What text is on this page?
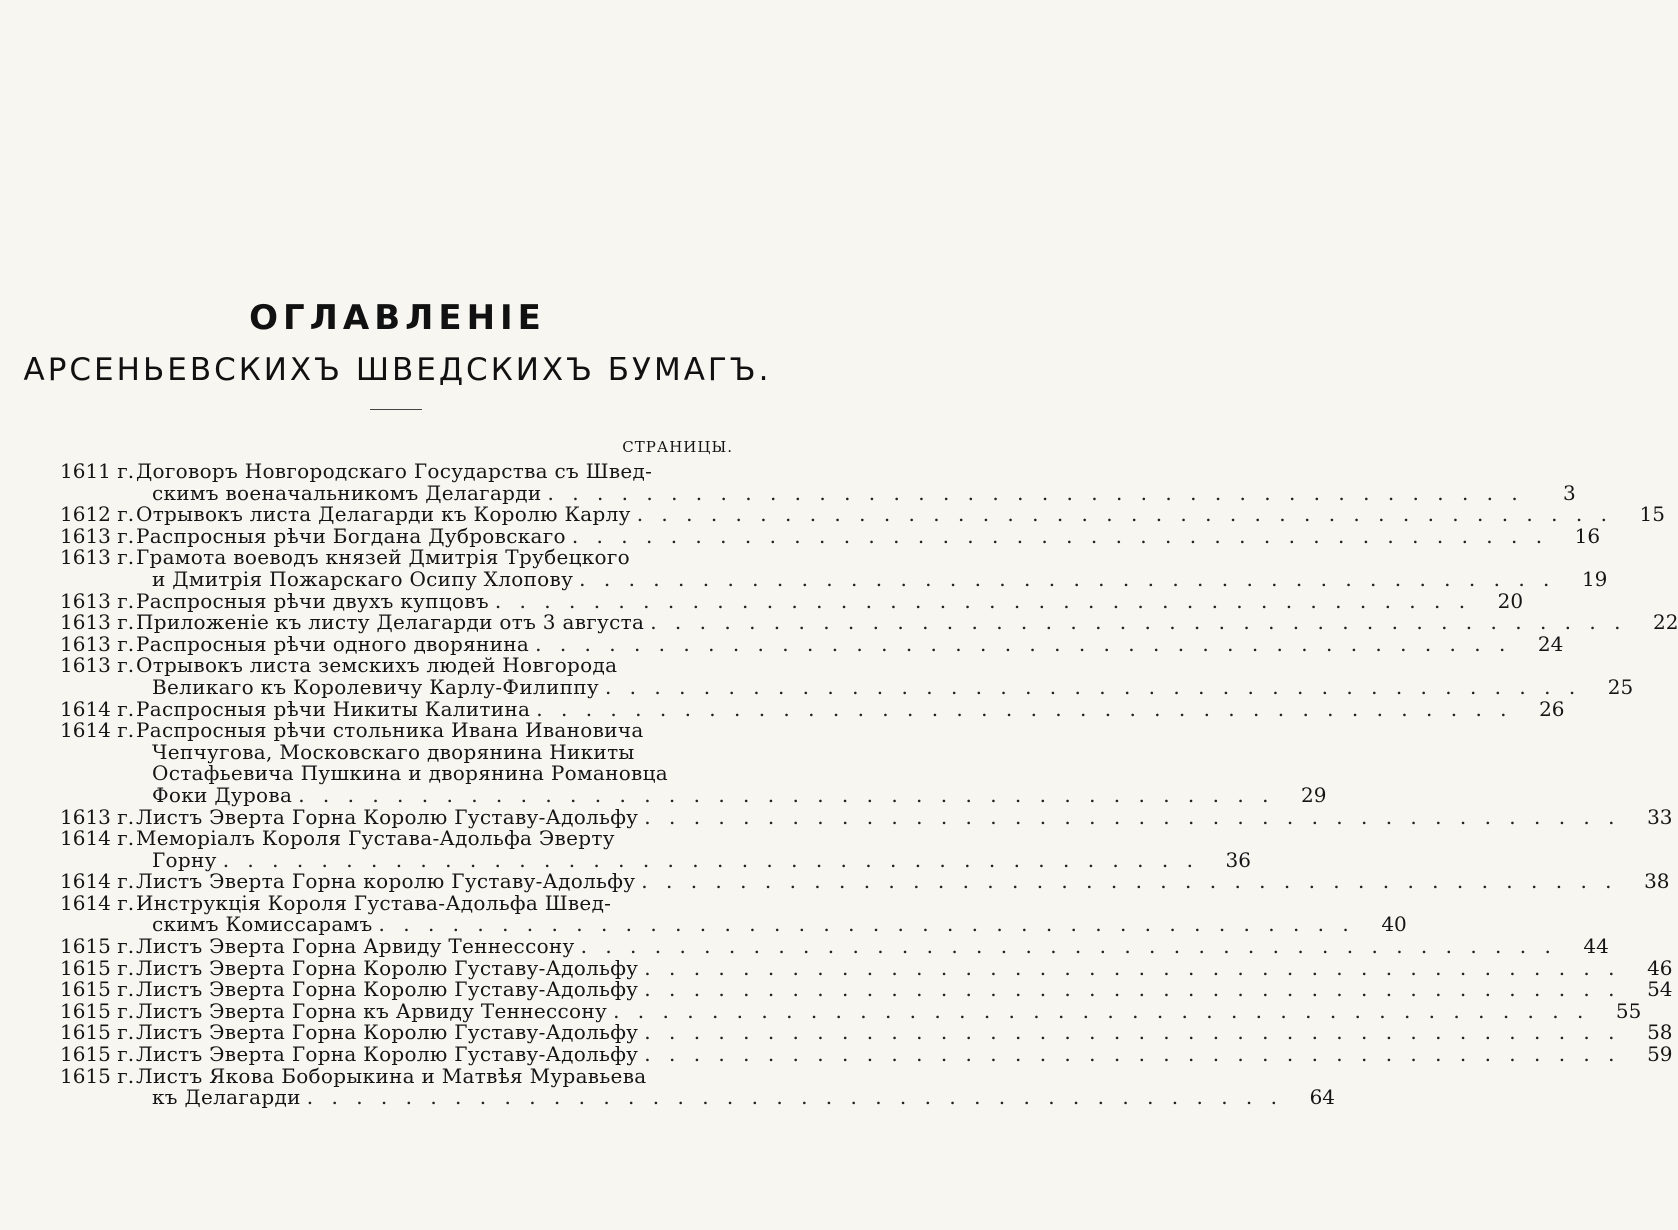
ОГЛАВЛЕНІЕ
АРСЕНЬЕВСКИХЪ ШВЕДСКИХЪ БУМАГЪ.
СТРАНИЦЫ.
1611 г. Договоръ Новгородскаго Государства съ Швед-
скимъ военачальникомъ Делагарди . . . . . . . . . . . . . . . . . . . . . . . . . . . . . . . . . . . . . . . .	3
1612 г. Отрывокъ листа Делагарди къ Королю Карлу . . . . . . . . . . . . . . . . . . . . . . . . . . . . . . . . . . . . . . . .	15
1613 г. Распросныя рѣчи Богдана Дубровскаго . . . . . . . . . . . . . . . . . . . . . . . . . . . . . . . . . . . . . . . .	16
1613 г. Грамота воеводъ князей Дмитрія Трубецкого
и Дмитрія Пожарскаго Осипу Хлопову . . . . . . . . . . . . . . . . . . . . . . . . . . . . . . . . . . . . . . . .	19
1613 г. Распросныя рѣчи двухъ купцовъ . . . . . . . . . . . . . . . . . . . . . . . . . . . . . . . . . . . . . . . .	20
1613 г. Приложеніе къ листу Делагарди отъ 3 августа . . . . . . . . . . . . . . . . . . . . . . . . . . . . . . . . . . . . . . . .	22
1613 г. Распросныя рѣчи одного дворянина . . . . . . . . . . . . . . . . . . . . . . . . . . . . . . . . . . . . . . . .	24
1613 г. Отрывокъ листа земскихъ людей Новгорода
Великаго къ Королевичу Карлу-Филиппу . . . . . . . . . . . . . . . . . . . . . . . . . . . . . . . . . . . . . . . .	25
1614 г. Распросныя рѣчи Никиты Калитина . . . . . . . . . . . . . . . . . . . . . . . . . . . . . . . . . . . . . . . .	26
1614 г. Распросныя рѣчи стольника Ивана Ивановича
Чепчугова, Московскаго дворянина Никиты
Остафьевича Пушкина и дворянина Романовца
Фоки Дурова . . . . . . . . . . . . . . . . . . . . . . . . . . . . . . . . . . . . . . . .	29
1613 г. Листъ Эверта Горна Королю Густаву-Адольфу . . . . . . . . . . . . . . . . . . . . . . . . . . . . . . . . . . . . . . . .	33
1614 г. Меморіалъ Короля Густава-Адольфа Эверту
Горну . . . . . . . . . . . . . . . . . . . . . . . . . . . . . . . . . . . . . . . .	36
1614 г. Листъ Эверта Горна королю Густаву-Адольфу . . . . . . . . . . . . . . . . . . . . . . . . . . . . . . . . . . . . . . . .	38
1614 г. Инструкція Короля Густава-Адольфа Швед-
скимъ Комиссарамъ . . . . . . . . . . . . . . . . . . . . . . . . . . . . . . . . . . . . . . . .	40
1615 г. Листъ Эверта Горна Арвиду Теннессону . . . . . . . . . . . . . . . . . . . . . . . . . . . . . . . . . . . . . . . .	44
1615 г. Листъ Эверта Горна Королю Густаву-Адольфу . . . . . . . . . . . . . . . . . . . . . . . . . . . . . . . . . . . . . . . .	46
1615 г. Листъ Эверта Горна Королю Густаву-Адольфу . . . . . . . . . . . . . . . . . . . . . . . . . . . . . . . . . . . . . . . .	54
1615 г. Листъ Эверта Горна къ Арвиду Теннессону . . . . . . . . . . . . . . . . . . . . . . . . . . . . . . . . . . . . . . . .	55
1615 г. Листъ Эверта Горна Королю Густаву-Адольфу . . . . . . . . . . . . . . . . . . . . . . . . . . . . . . . . . . . . . . . .	58
1615 г. Листъ Эверта Горна Королю Густаву-Адольфу . . . . . . . . . . . . . . . . . . . . . . . . . . . . . . . . . . . . . . . .	59
1615 г. Листъ Якова Боборыкина и Матвѣя Муравьева
къ Делагарди . . . . . . . . . . . . . . . . . . . . . . . . . . . . . . . . . . . . . . . .	64
